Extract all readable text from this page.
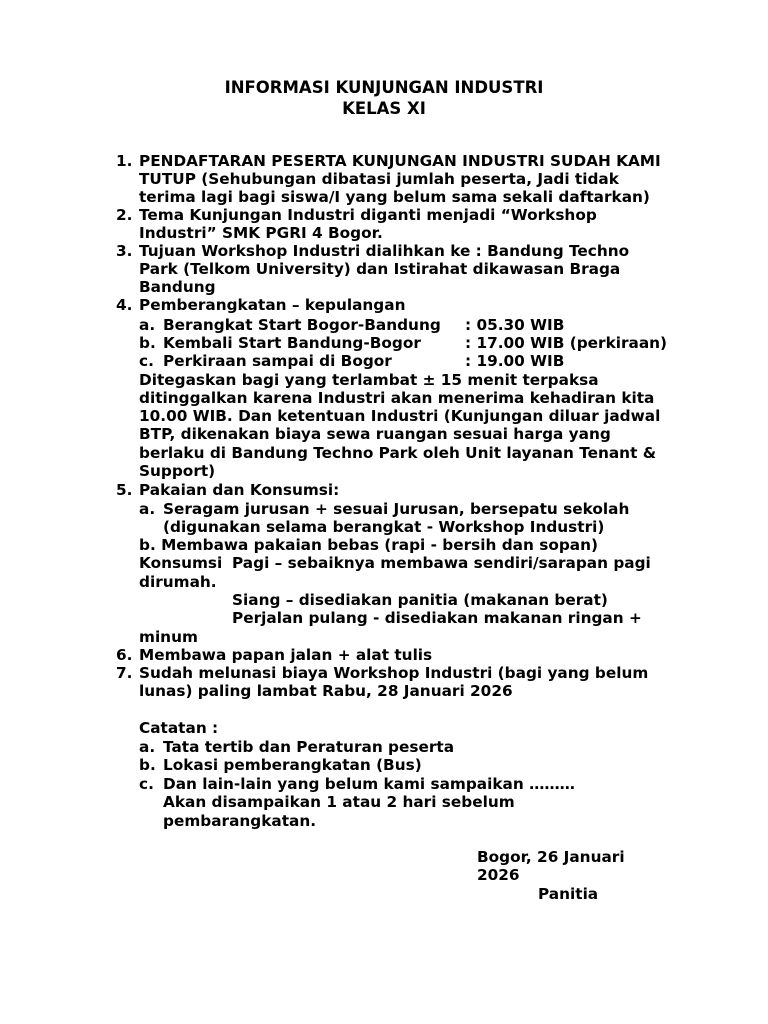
INFORMASI KUNJUNGAN INDUSTRI
KELAS XI
1. PENDAFTARAN PESERTA KUNJUNGAN INDUSTRI SUDAH KAMI
TUTUP (Sehubungan dibatasi jumlah peserta, Jadi tidak
terima lagi bagi siswa/I yang belum sama sekali daftarkan)
2. Tema Kunjungan Industri diganti menjadi “Workshop
Industri” SMK PGRI 4 Bogor.
3. Tujuan Workshop Industri dialihkan ke : Bandung Techno
Park (Telkom University) dan Istirahat dikawasan Braga
Bandung
4. Pemberangkatan – kepulangan
a. Berangkat Start Bogor-Bandung : 05.30 WIB
b. Kembali Start Bandung-Bogor	: 17.00 WIB (perkiraan)
c. Perkiraan sampai di Bogor	: 19.00 WIB
Ditegaskan bagi yang terlambat ± 15 menit terpaksa
ditinggalkan karena Industri akan menerima kehadiran kita
10.00 WIB. Dan ketentuan Industri (Kunjungan diluar jadwal
BTP, dikenakan biaya sewa ruangan sesuai harga yang
berlaku di Bandung Techno Park oleh Unit layanan Tenant &
Support)
5. Pakaian dan Konsumsi:
a. Seragam jurusan + sesuai Jurusan, bersepatu sekolah
(digunakan selama berangkat - Workshop Industri)
b. Membawa pakaian bebas (rapi - bersih dan sopan)
Konsumsi Pagi – sebaiknya membawa sendiri/sarapan pagi
dirumah.
Siang – disediakan panitia (makanan berat)
Perjalan pulang - disediakan makanan ringan +
minum
6. Membawa papan jalan + alat tulis
7. Sudah melunasi biaya Workshop Industri (bagi yang belum
lunas) paling lambat Rabu, 28 Januari 2026
Catatan :
a. Tata tertib dan Peraturan peserta
b. Lokasi pemberangkatan (Bus)
c. Dan lain-lain yang belum kami sampaikan ………
Akan disampaikan 1 atau 2 hari sebelum
pembarangkatan.
Bogor, 26 Januari
2026
Panitia
